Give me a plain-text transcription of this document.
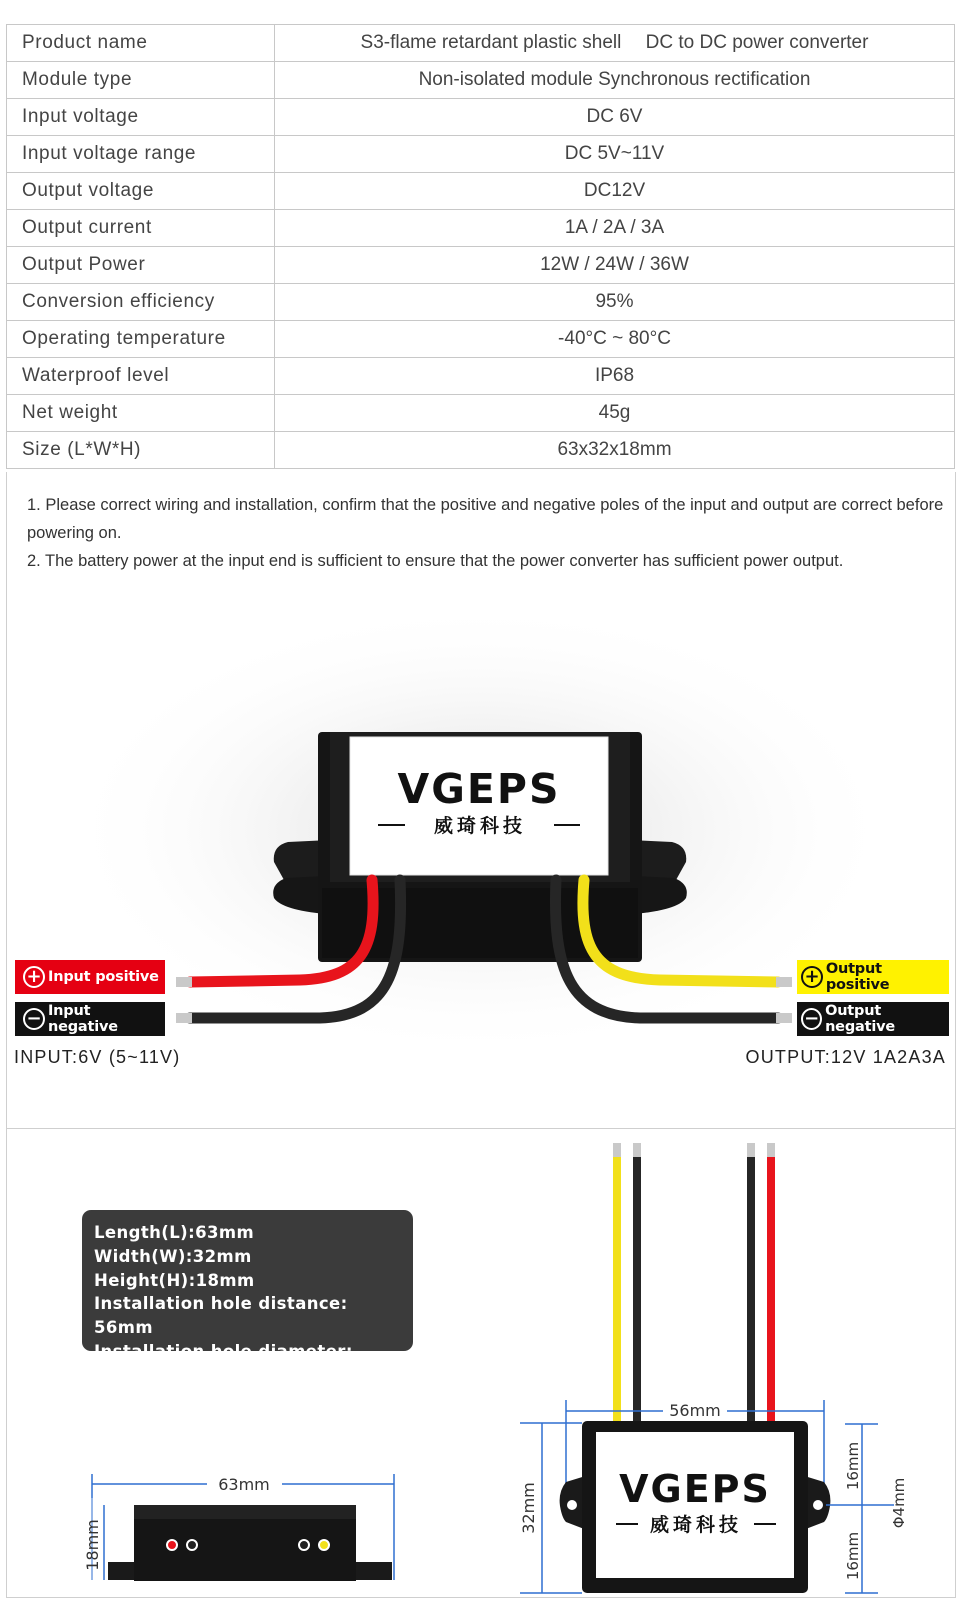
Product name	S3-flame retardant plastic shell  DC to DC power converter
Module type	Non-isolated module Synchronous rectification
Input voltage	DC 6V
Input voltage range	DC 5V~11V
Output voltage	DC12V
Output current	1A / 2A / 3A
Output Power	12W / 24W / 36W
Conversion efficiency	95%
Operating temperature	-40°C ~ 80°C
Waterproof level	IP68
Net weight	45g
Size (L*W*H)	63x32x18mm
1. Please correct wiring and installation, confirm that the positive and negative poles of the input and output are correct before powering on.
2. The battery power at the input end is sufficient to ensure that the power converter has sufficient power output.
VGEPS
威琦科技
+ Input positive
− Input negative
+ Output positive
− Output negative
INPUT:6V (5~11V)	OUTPUT:12V 1A2A3A
Length(L):63mm
Width(W):32mm
Height(H):18mm
Installation hole distance: 56mm
Installation hole diameter: 4mm
63mm
18mm
56mm
32mm VGEPS
威琦科技
16mm
16mm
Φ4mm
